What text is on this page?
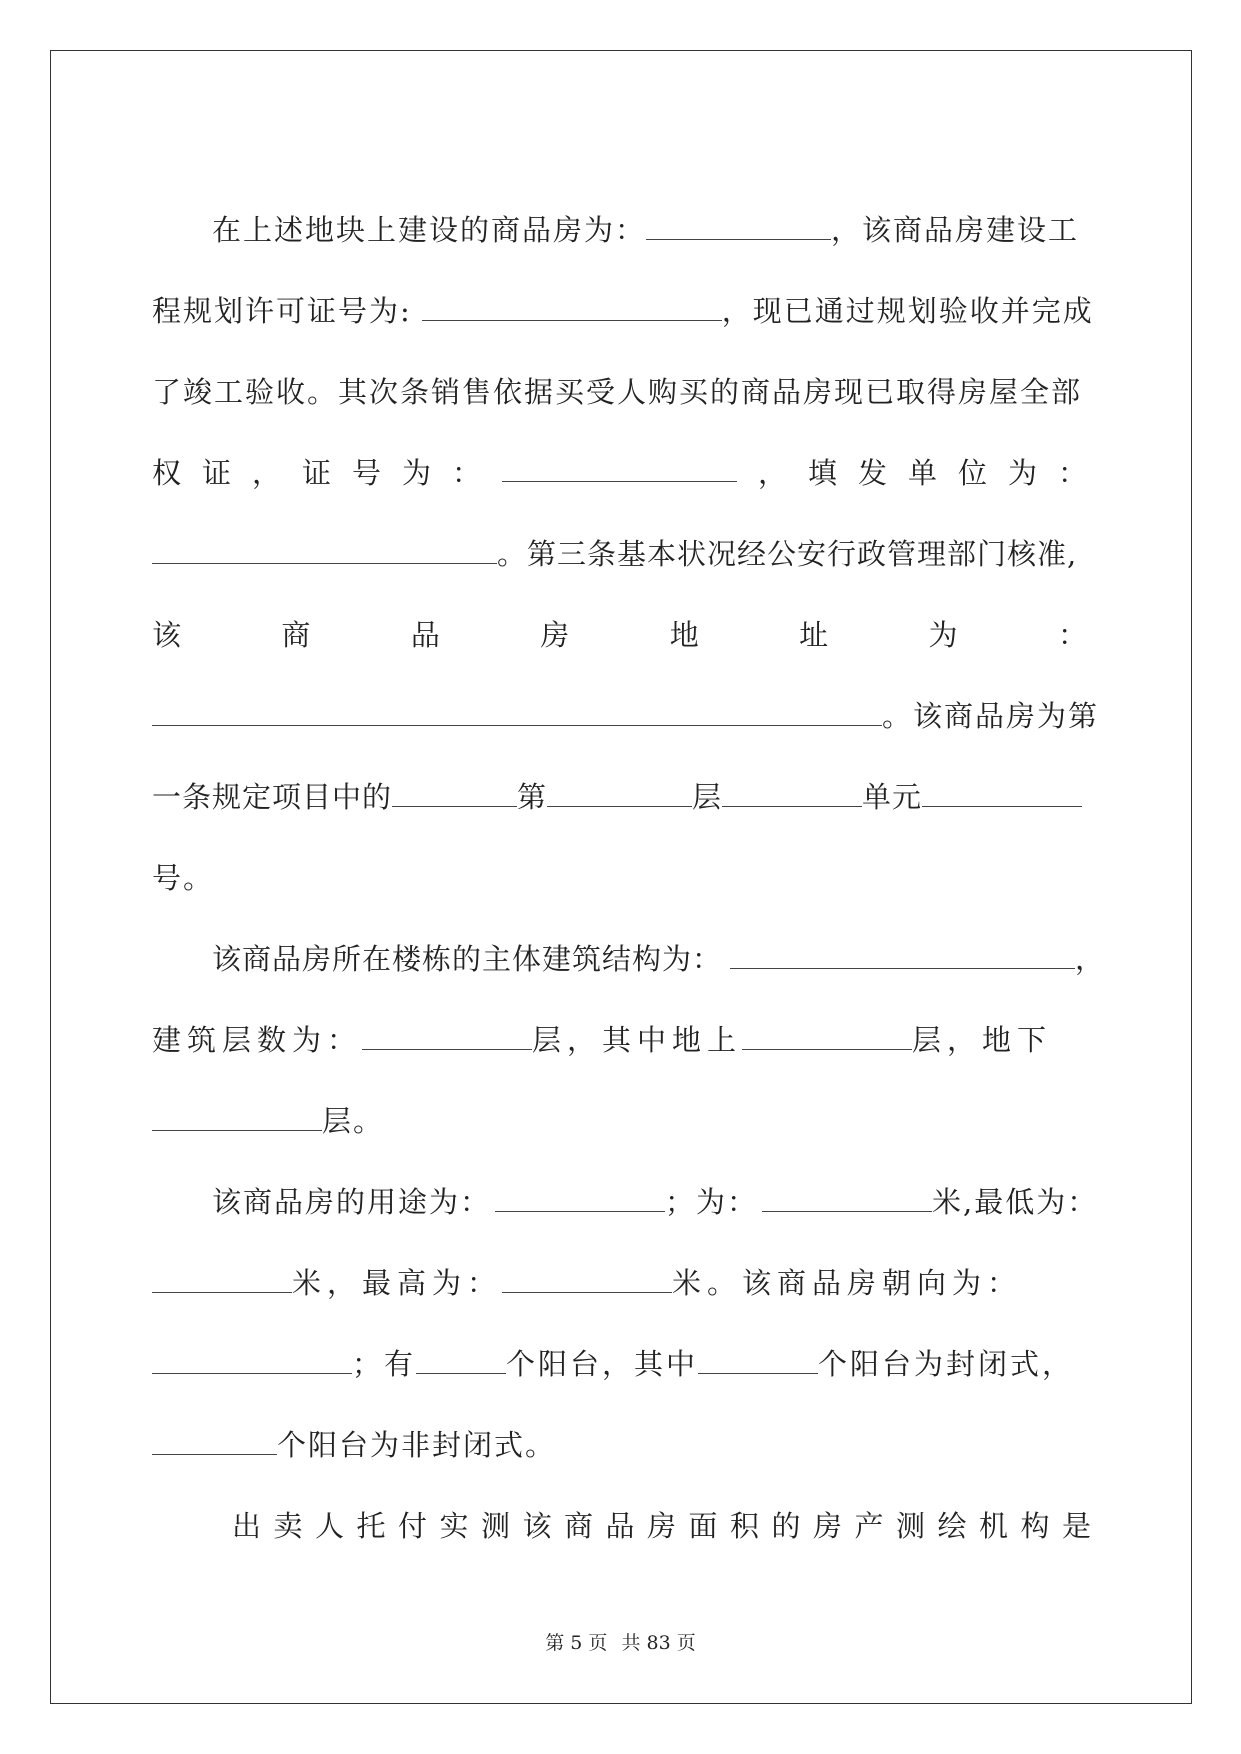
在上述地块上建设的商品房为：	，该商品房建设工
程规划许可证号为:	，现已通过规划验收并完成
了竣工验收。其次条销售依据买受人购买的商品房现已取得房屋全部
权 证 ， 证 号 为 ：	， 填 发 单 位 为 ：
。第三条基本状况经公安行政管理部门核准,
该	商	品	房	地	址	为	：
。该商品房为第
一条规定项目中的	第	层	单元
号。
该商品房所在楼栋的主体建筑结构为：	，
建筑层数为：	层，其中地上	层，地下
层。
该商品房的用途为：	；为：	米,最低为：
米，最高为：	米。该商品房朝向为：
；有	个阳台，其中	个阳台为封闭式，
个阳台为非封闭式。
出卖人托付实测该商品房面积的房产测绘机构是
第 5 页 共 83 页
